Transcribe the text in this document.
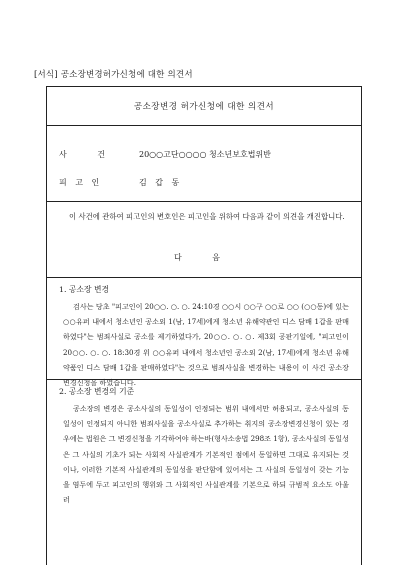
[서식] 공소장변경허가신청에 대한 의견서
공소장변경 허가신청에 대한 의견서
사 건	20○○고단○○○○ 청소년보호법위반
피 고 인	김 갑 동
이 사건에 관하여 피고인의 변호인은 피고인을 위하여 다음과 같이 의견을 개진합니다.
다 음
1. 공소장 변경
검사는 당초 "피고인이 20○○. ○. ○. 24:10경 ○○시 ○○구 ○○로 ○○ (○○동)에 있는 ○○유퍼 내에서 청소년인 공소외 1(남, 17세)에게 청소년 유해약관인 디스 담배 1갑을 판매하였다"는 범죄사실로 공소를 제기하였다가, 20○○. ○. ○. 제3회 공판기일에, "피고인이 20○○. ○. ○. 18:30경 위 ○○유퍼 내에서 청소년인 공소외 2(남, 17세)에게 청소년 유해약품인 디스 담배 1갑을 판매하였다"는 것으로 범죄사실을 변경하는 내용이 이 사건 공소장변경신청을 하였습니다.
2. 공소장 변경의 기준
공소장의 변경은 공소사실의 동일성이 인정되는 범위 내에서만 허용되고, 공소사실의 동일성이 인정되지 아니한 범죄사실을 공소사실로 추가하는 취지의 공소장변경신청이 있는 경우에는 법원은 그 변경신청을 기각하여야 하는바(형사소송법 298조 1항), 공소사실의 동일성은 그 사실의 기초가 되는 사회적 사실관계가 기본적인 점에서 동일하면 그대로 유지되는 것이나, 이러한 기본적 사실관계의 동일성을 판단함에 있어서는 그 사실의 동일성이 갖는 기능을 염두에 두고 피고인의 행위와 그 사회적인 사실관계를 기본으로 하되 규범적 요소도 아울러
